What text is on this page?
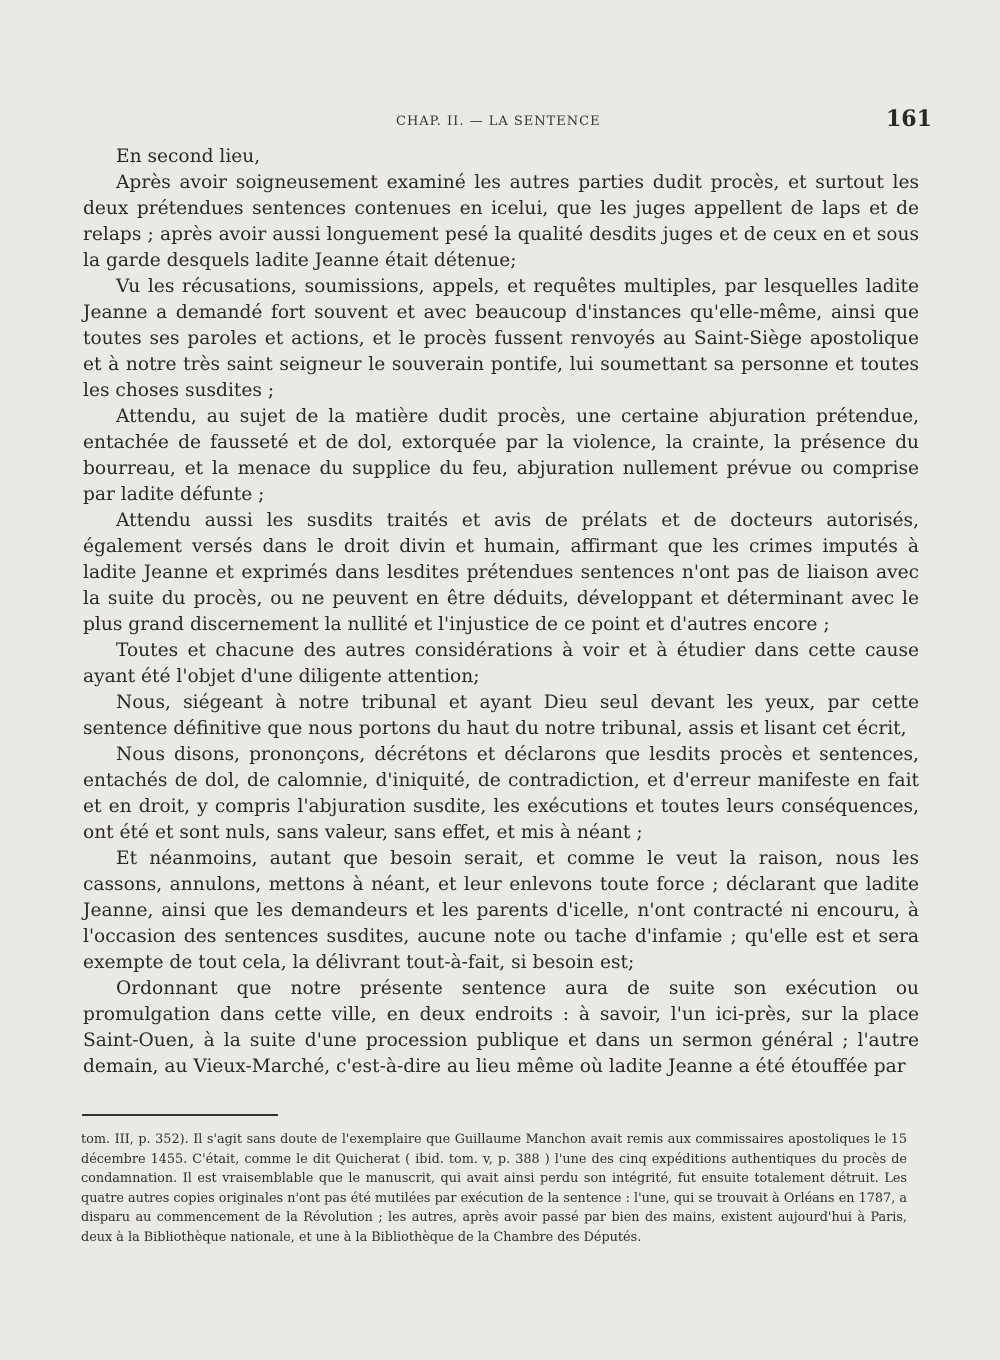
CHAP. II. — LA SENTENCE	161

En second lieu,

Après avoir soigneusement examiné les autres parties dudit procès, et surtout les deux prétendues sentences contenues en icelui, que les juges appellent de laps et de relaps ; après avoir aussi longuement pesé la qualité desdits juges et de ceux en et sous la garde desquels ladite Jeanne était détenue;

Vu les récusations, soumissions, appels, et requêtes multiples, par lesquelles ladite Jeanne a demandé fort souvent et avec beaucoup d'instances qu'elle-même, ainsi que toutes ses paroles et actions, et le procès fussent renvoyés au Saint-Siège apostolique et à notre très saint seigneur le souverain pontife, lui soumettant sa personne et toutes les choses susdites ;

Attendu, au sujet de la matière dudit procès, une certaine abjuration prétendue, entachée de fausseté et de dol, extorquée par la violence, la crainte, la présence du bourreau, et la menace du supplice du feu, abjuration nullement prévue ou comprise par ladite défunte ;

Attendu aussi les susdits traités et avis de prélats et de docteurs autorisés, également versés dans le droit divin et humain, affirmant que les crimes imputés à ladite Jeanne et exprimés dans lesdites prétendues sentences n'ont pas de liaison avec la suite du procès, ou ne peuvent en être déduits, développant et déterminant avec le plus grand discernement la nullité et l'injustice de ce point et d'autres encore ;

Toutes et chacune des autres considérations à voir et à étudier dans cette cause ayant été l'objet d'une diligente attention;

Nous, siégeant à notre tribunal et ayant Dieu seul devant les yeux, par cette sentence définitive que nous portons du haut du notre tribunal, assis et lisant cet écrit,

Nous disons, prononçons, décrétons et déclarons que lesdits procès et sentences, entachés de dol, de calomnie, d'iniquité, de contradiction, et d'erreur manifeste en fait et en droit, y compris l'abjuration susdite, les exécutions et toutes leurs conséquences, ont été et sont nuls, sans valeur, sans effet, et mis à néant ;

Et néanmoins, autant que besoin serait, et comme le veut la raison, nous les cassons, annulons, mettons à néant, et leur enlevons toute force ; déclarant que ladite Jeanne, ainsi que les demandeurs et les parents d'icelle, n'ont contracté ni encouru, à l'occasion des sentences susdites, aucune note ou tache d'infamie ; qu'elle est et sera exempte de tout cela, la délivrant tout-à-fait, si besoin est;

Ordonnant que notre présente sentence aura de suite son exécution ou promulgation dans cette ville, en deux endroits : à savoir, l'un ici-près, sur la place Saint-Ouen, à la suite d'une procession publique et dans un sermon général ; l'autre demain, au Vieux-Marché, c'est-à-dire au lieu même où ladite Jeanne a été étouffée par

tom. III, p. 352). Il s'agit sans doute de l'exemplaire que Guillaume Manchon avait remis aux commissaires apostoliques le 15 décembre 1455. C'était, comme le dit Quicherat ( ibid. tom. v, p. 388 ) l'une des cinq expéditions authentiques du procès de condamnation. Il est vraisemblable que le manuscrit, qui avait ainsi perdu son intégrité, fut ensuite totalement détruit. Les quatre autres copies originales n'ont pas été mutilées par exécution de la sentence : l'une, qui se trouvait à Orléans en 1787, a disparu au commencement de la Révolution ; les autres, après avoir passé par bien des mains, existent aujourd'hui à Paris, deux à la Bibliothèque nationale, et une à la Bibliothèque de la Chambre des Députés.
